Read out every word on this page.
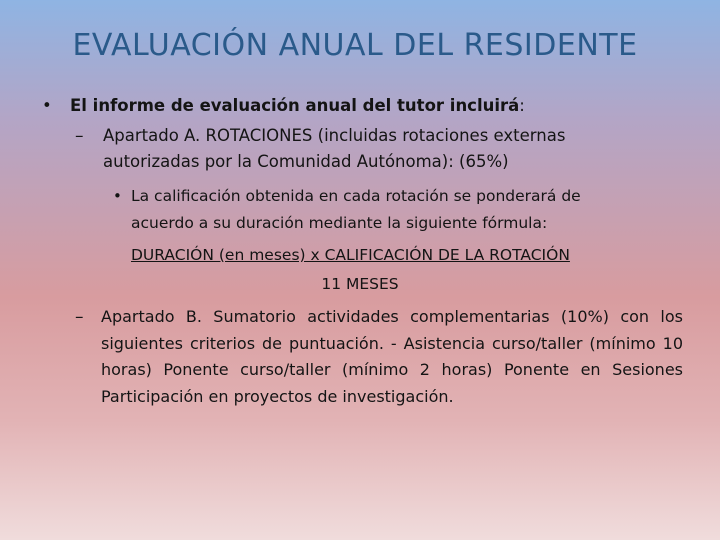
EVALUACIÓN ANUAL DEL RESIDENTE
• El informe de evaluación anual del tutor incluirá:
– Apartado A. ROTACIONES (incluidas rotaciones externas
autorizadas por la Comunidad Autónoma): (65%)
• La calificación obtenida en cada rotación se ponderará de
acuerdo a su duración mediante la siguiente fórmula:
DURACIÓN (en meses) x CALIFICACIÓN DE LA ROTACIÓN
11 MESES
– Apartado B. Sumatorio actividades complementarias (10%) con los siguientes criterios de puntuación. - Asistencia curso/taller (mínimo 10 horas) Ponente curso/taller (mínimo 2 horas) Ponente en Sesiones Participación en proyectos de investigación.
